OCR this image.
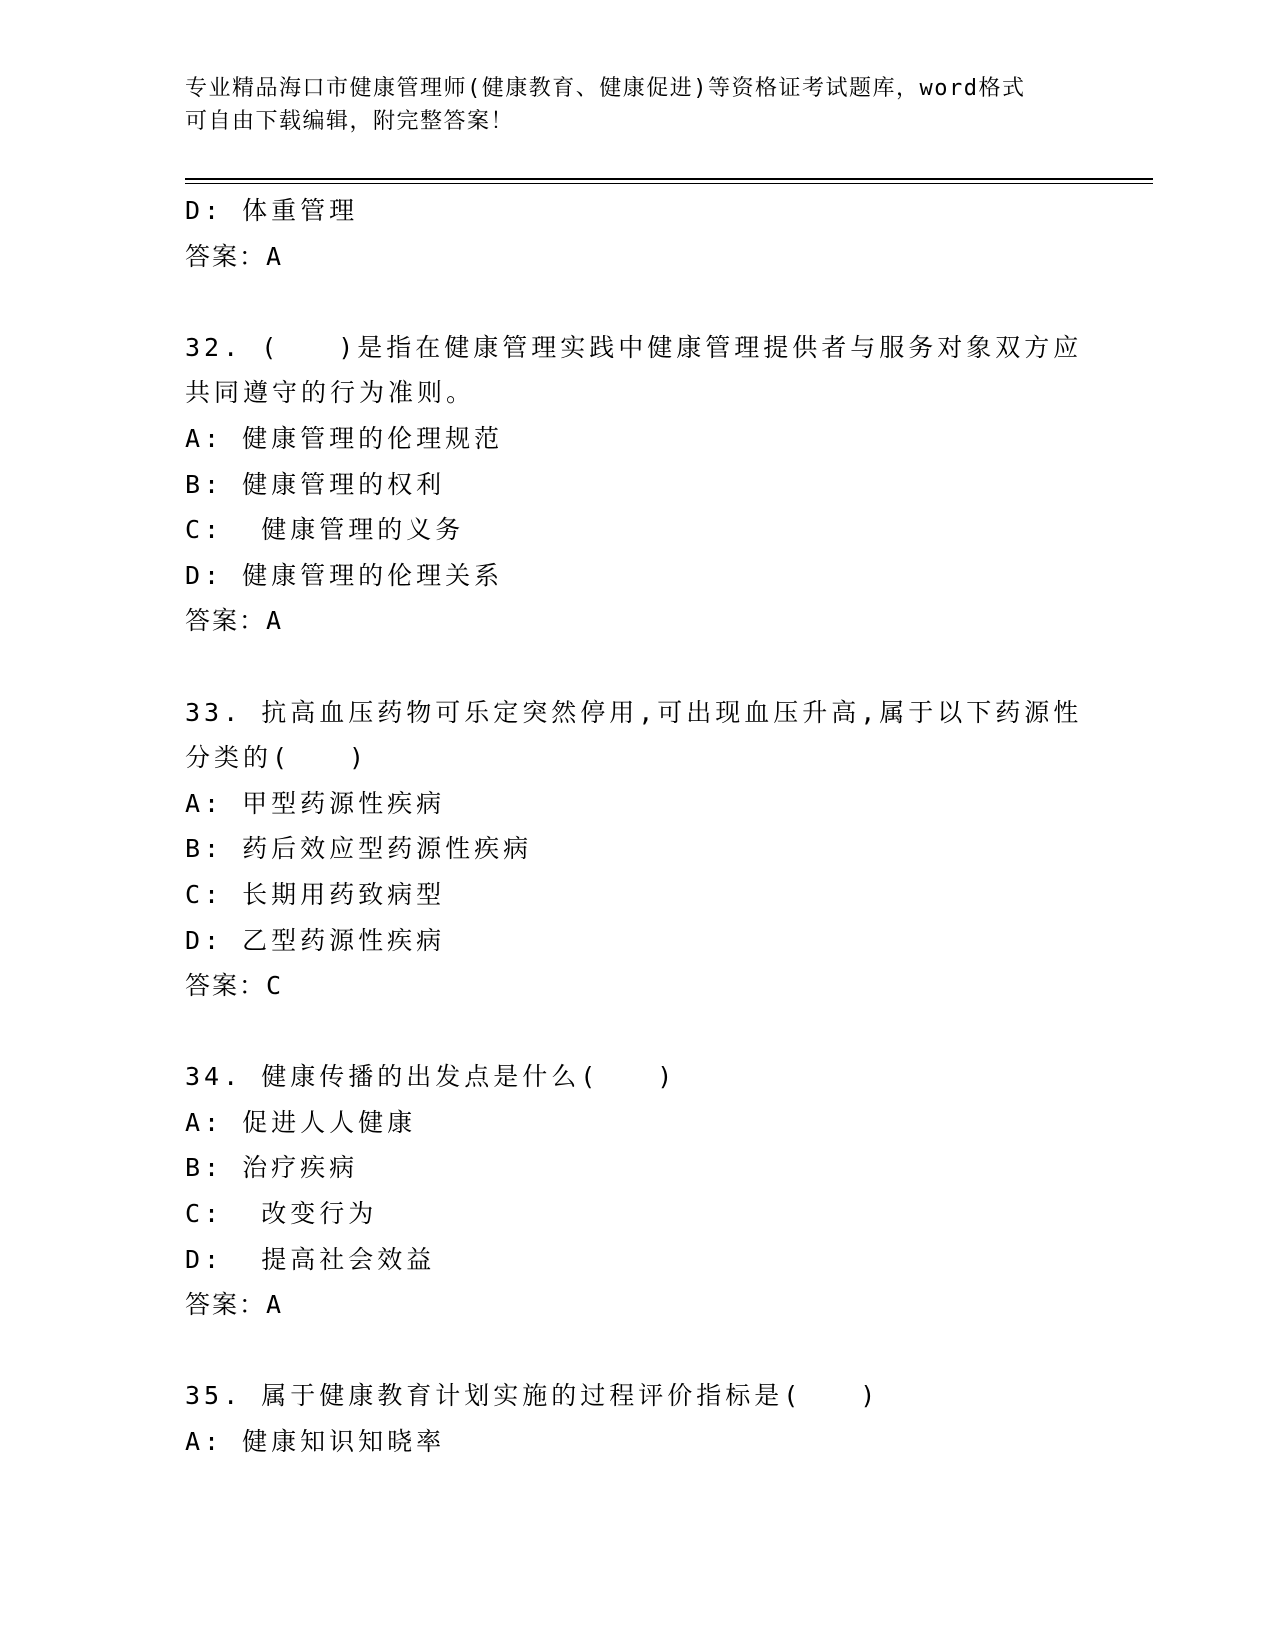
专业精品海口市健康管理师(健康教育、健康促进)等资格证考试题库，word格式
可自由下载编辑，附完整答案！
D: 体重管理
答案：A
32. (　　)是指在健康管理实践中健康管理提供者与服务对象双方应
共同遵守的行为准则。
A: 健康管理的伦理规范
B: 健康管理的权利
C:  健康管理的义务
D: 健康管理的伦理关系
答案：A
33. 抗高血压药物可乐定突然停用,可出现血压升高,属于以下药源性
分类的(　　)
A: 甲型药源性疾病
B: 药后效应型药源性疾病
C: 长期用药致病型
D: 乙型药源性疾病
答案：C
34. 健康传播的出发点是什么(　　)
A: 促进人人健康
B: 治疗疾病
C:  改变行为
D:  提高社会效益
答案：A
35. 属于健康教育计划实施的过程评价指标是(　　)
A: 健康知识知晓率
